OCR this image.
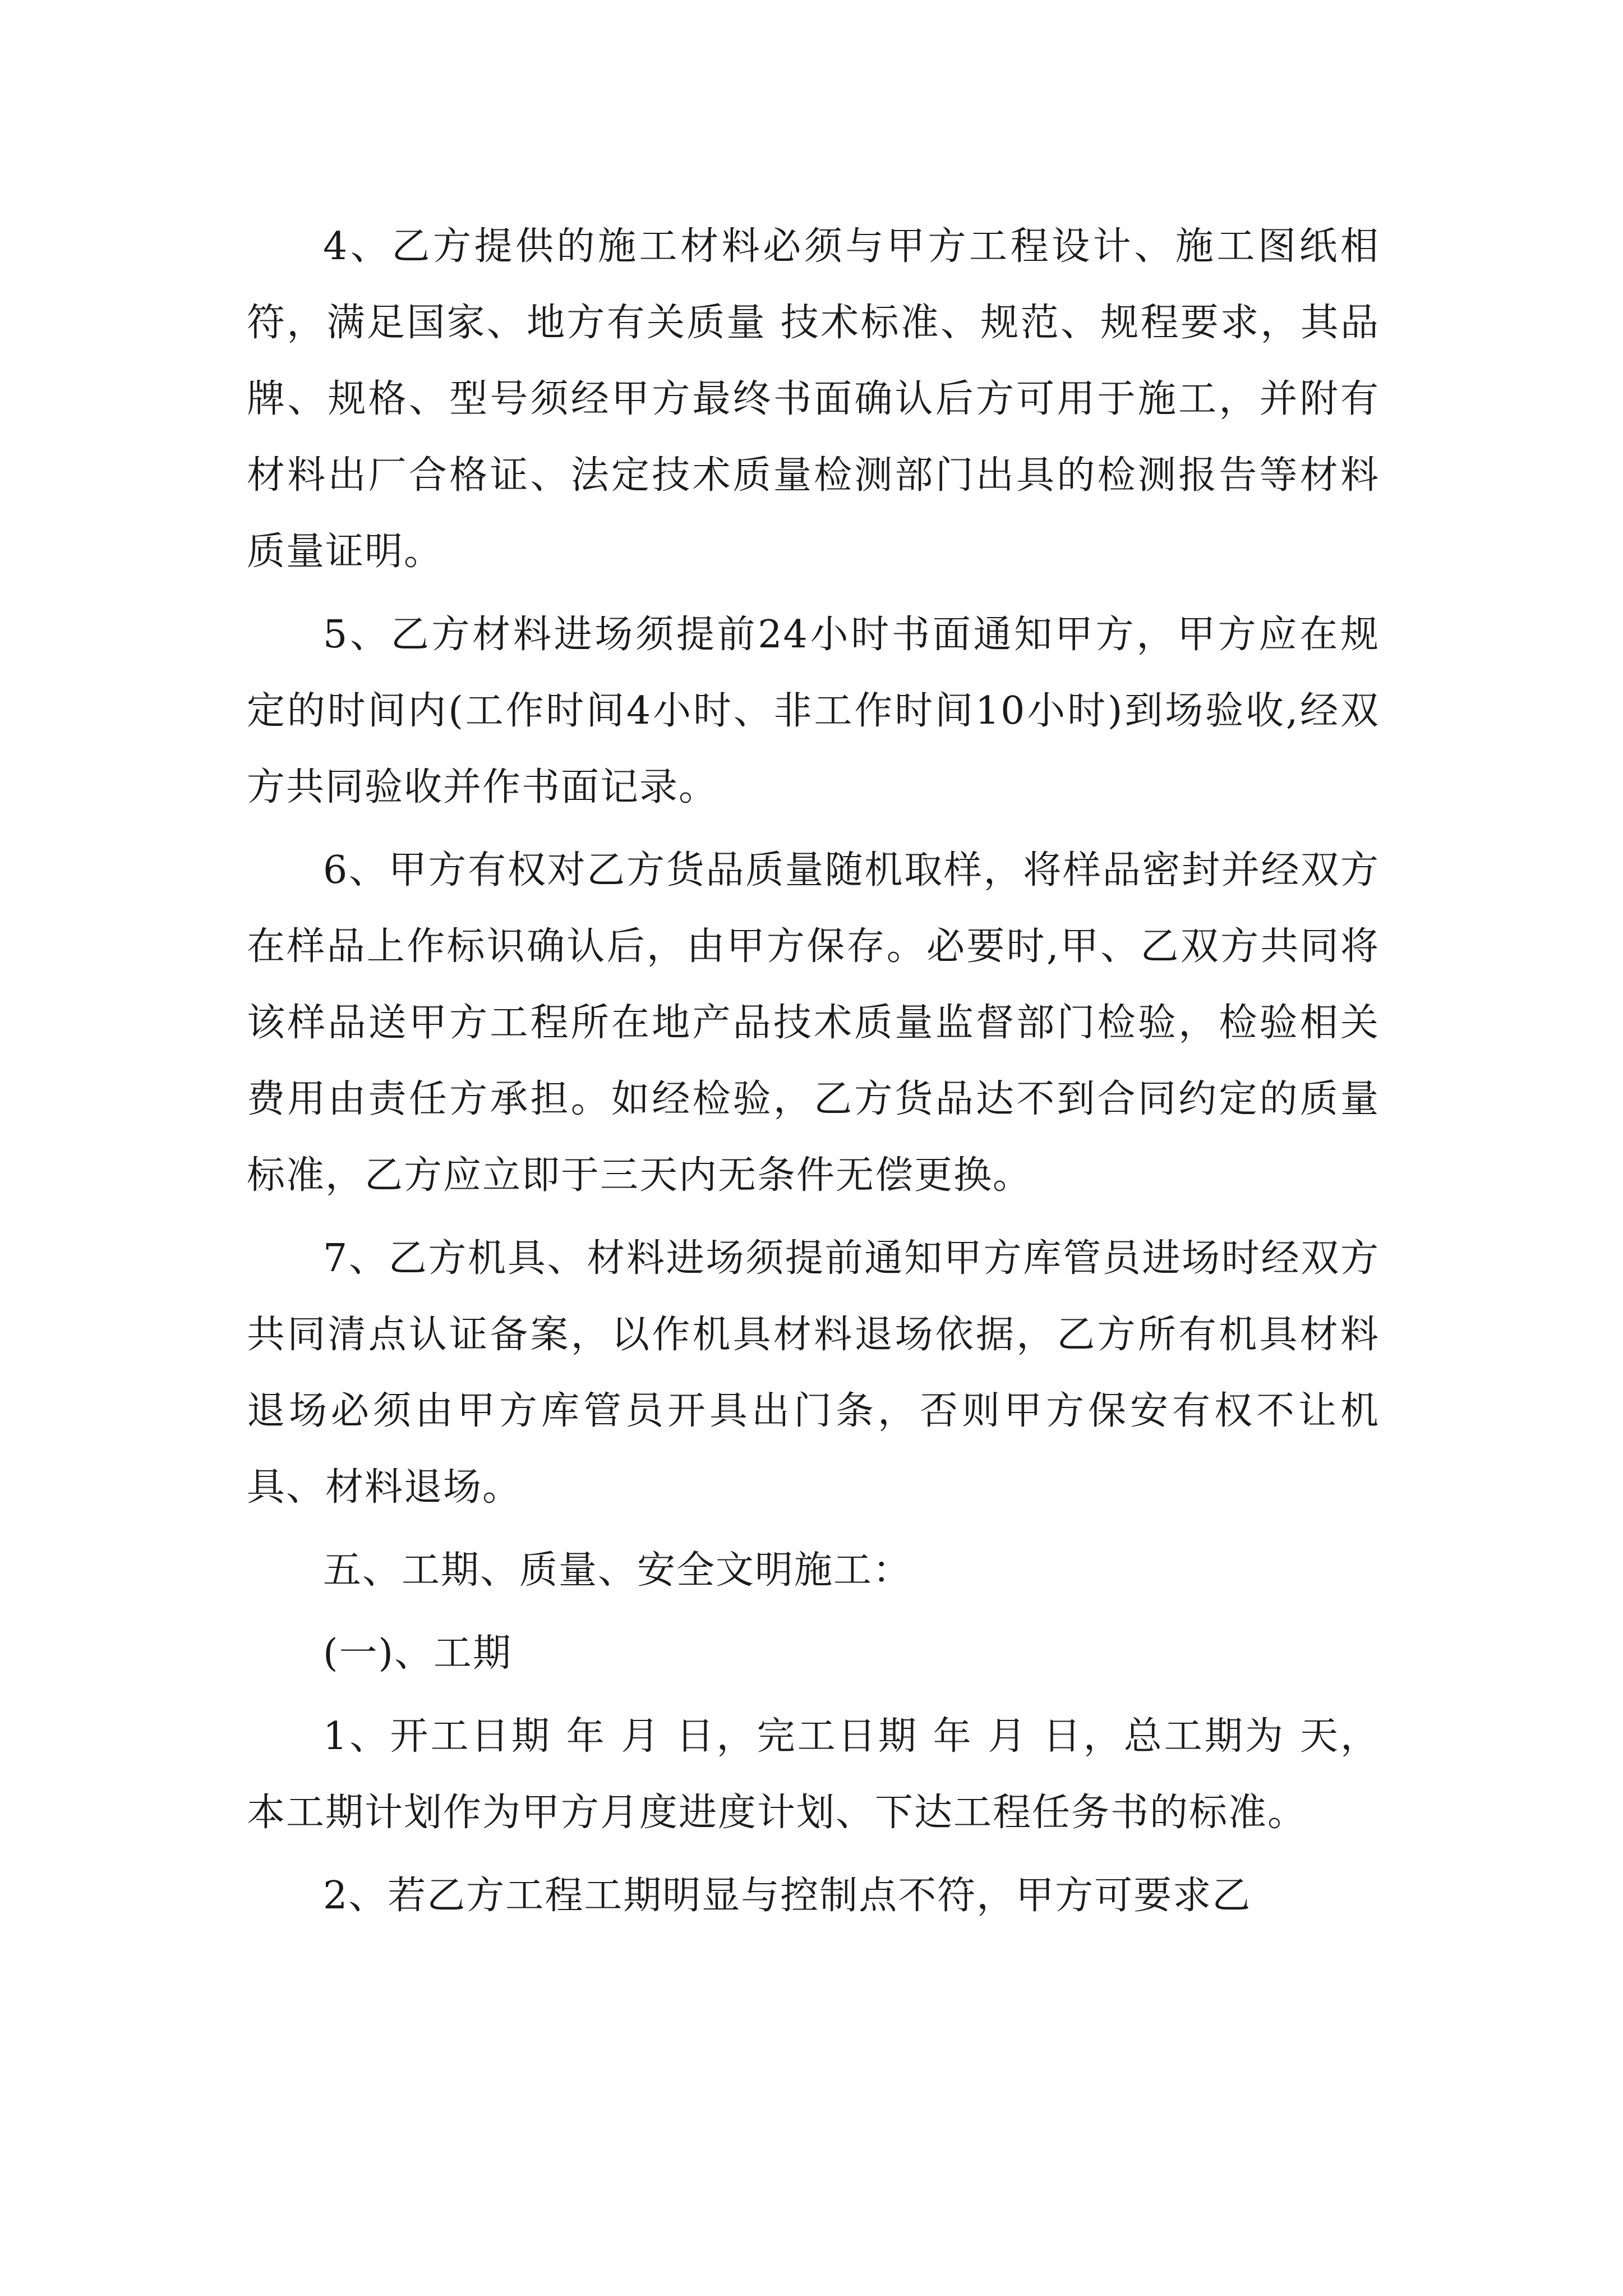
4、乙方提供的施工材料必须与甲方工程设计、施工图纸相符，满足国家、地方有关质量 技术标准、规范、规程要求，其品牌、规格、型号须经甲方最终书面确认后方可用于施工，并附有材料出厂合格证、法定技术质量检测部门出具的检测报告等材料质量证明。

5、乙方材料进场须提前24小时书面通知甲方，甲方应在规定的时间内(工作时间4小时、非工作时间10小时)到场验收,经双方共同验收并作书面记录。

6、甲方有权对乙方货品质量随机取样，将样品密封并经双方在样品上作标识确认后，由甲方保存。必要时,甲、乙双方共同将该样品送甲方工程所在地产品技术质量监督部门检验，检验相关费用由责任方承担。如经检验，乙方货品达不到合同约定的质量标准，乙方应立即于三天内无条件无偿更换。

7、乙方机具、材料进场须提前通知甲方库管员进场时经双方共同清点认证备案，以作机具材料退场依据，乙方所有机具材料退场必须由甲方库管员开具出门条，否则甲方保安有权不让机具、材料退场。

五、工期、质量、安全文明施工：

(一)、工期

1、开工日期 年 月 日，完工日期 年 月 日，总工期为 天，本工期计划作为甲方月度进度计划、下达工程任务书的标准。

2、若乙方工程工期明显与控制点不符，甲方可要求乙
